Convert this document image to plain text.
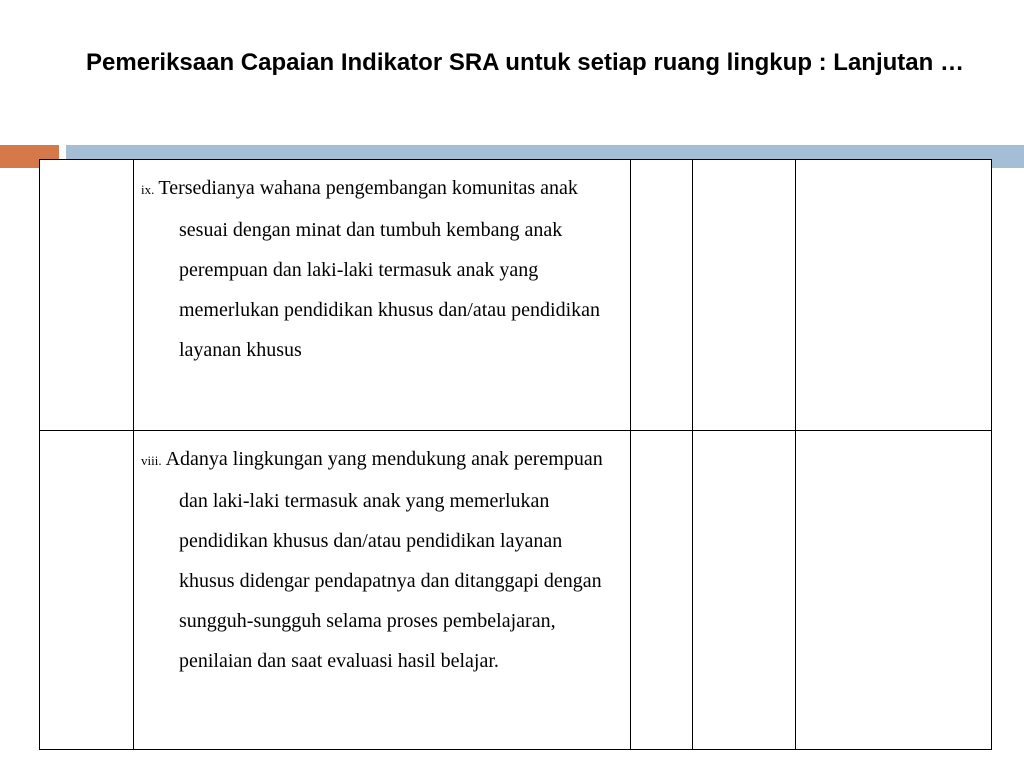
Pemeriksaan Capaian Indikator SRA untuk setiap ruang lingkup : Lanjutan …

	ix. Tersedianya wahana pengembangan komunitas anak sesuai dengan minat dan tumbuh kembang anak perempuan dan laki-laki termasuk anak yang memerlukan pendidikan khusus dan/atau pendidikan layanan khusus			

	viii. Adanya lingkungan yang mendukung anak perempuan dan laki-laki termasuk anak yang memerlukan pendidikan khusus dan/atau pendidikan layanan khusus didengar pendapatnya dan ditanggapi dengan sungguh-sungguh selama proses pembelajaran, penilaian dan saat evaluasi hasil belajar.			
